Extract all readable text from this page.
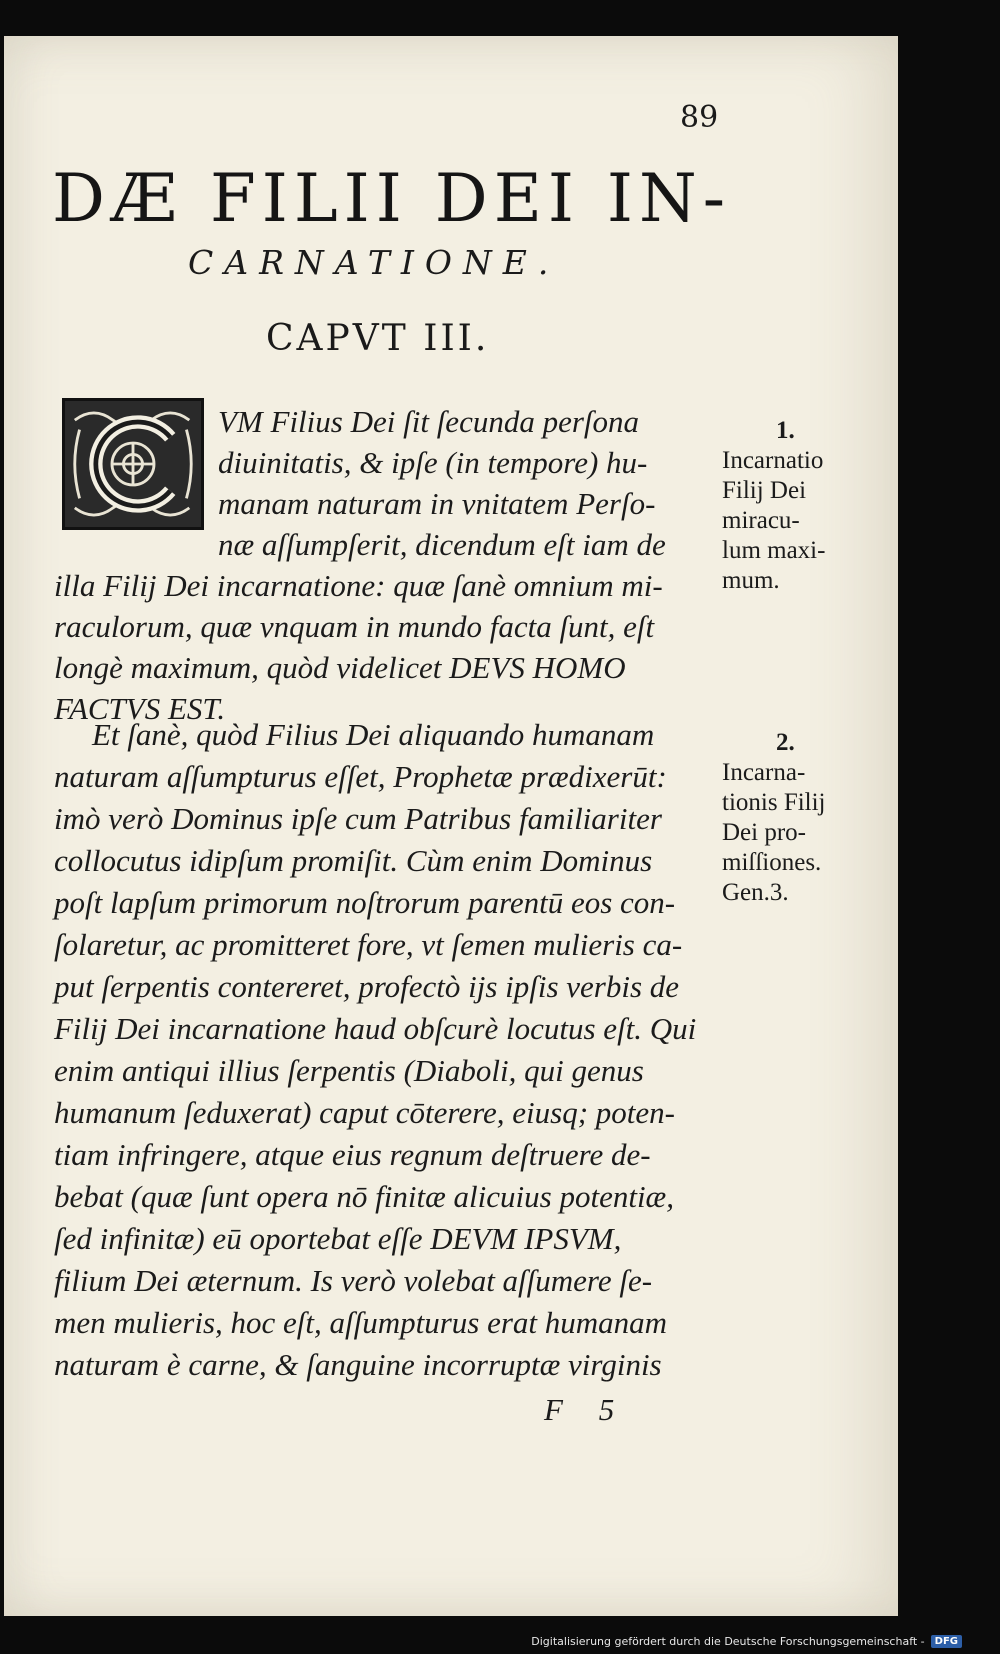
89
DÆ FILII DEI IN-
CARNATIONE.
CAPVT III.
VM Filius Dei ſit ſecunda perſona
diuinitatis, & ipſe (in tempore) hu-
manam naturam in vnitatem Perſo-
næ aſſumpſerit, dicendum eſt iam de
illa Filij Dei incarnatione: quæ ſanè omnium mi-
raculorum, quæ vnquam in mundo facta ſunt, eſt
longè maximum, quòd videlicet DEVS HOMO
FACTVS EST.
Et ſanè, quòd Filius Dei aliquando humanam
naturam aſſumpturus eſſet, Prophetæ prædixerūt:
imò verò Dominus ipſe cum Patribus familiariter
collocutus idipſum promiſit. Cùm enim Dominus
poſt lapſum primorum noſtrorum parentū eos con-
ſolaretur, ac promitteret fore, vt ſemen mulieris ca-
put ſerpentis contereret, profectò ijs ipſis verbis de
Filij Dei incarnatione haud obſcurè locutus eſt. Qui
enim antiqui illius ſerpentis (Diaboli, qui genus
humanum ſeduxerat) caput cōterere, eiusq; poten-
tiam infringere, atque eius regnum deſtruere de-
bebat (quæ ſunt opera nō finitæ alicuius potentiæ,
ſed infinitæ) eū oportebat eſſe DEVM IPSVM,
filium Dei æternum. Is verò volebat aſſumere ſe-
men mulieris, hoc eſt, aſſumpturus erat humanam
naturam è carne, & ſanguine incorruptæ virginis
F 5
1.
Incarnatio
Filij Dei
miracu-
lum maxi-
mum.
2.
Incarna-
tionis Filij
Dei pro-
miſſiones.
Gen.3.
Digitalisierung gefördert durch die Deutsche Forschungsgemeinschaft -	DFG
